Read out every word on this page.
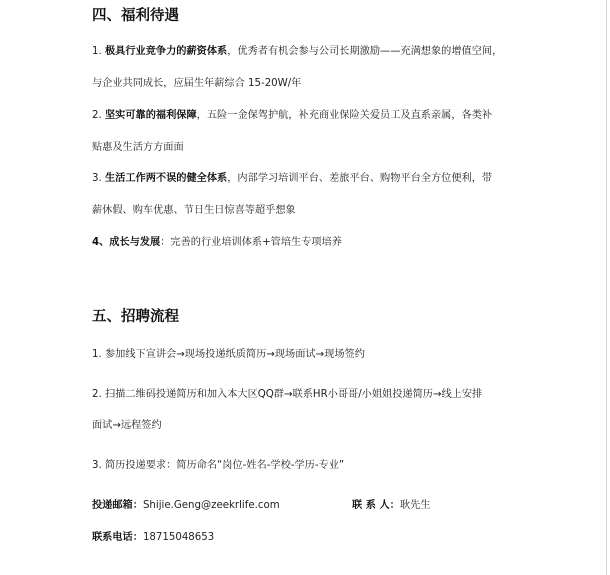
四、福利待遇
1. 极具行业竞争力的薪资体系，优秀者有机会参与公司长期激励——充满想象的增值空间，
与企业共同成长，应届生年薪综合 15-20W/年
2. 坚实可靠的福利保障，五险一金保驾护航，补充商业保险关爱员工及直系亲属，各类补
贴惠及生活方方面面
3. 生活工作两不误的健全体系，内部学习培训平台、差旅平台、购物平台全方位便利，带
薪休假、购车优惠、节日生日惊喜等超乎想象
4、成长与发展：完善的行业培训体系+管培生专项培养
五、招聘流程
1. 参加线下宣讲会→现场投递纸质简历→现场面试→现场签约
2. 扫描二维码投递简历和加入本大区QQ群→联系HR小哥哥/小姐姐投递简历→线上安排
面试→远程签约
3. 简历投递要求：简历命名“岗位-姓名-学校-学历-专业”
投递邮箱：Shijie.Geng@zeekrlife.com	联 系 人：耿先生
联系电话：18715048653
